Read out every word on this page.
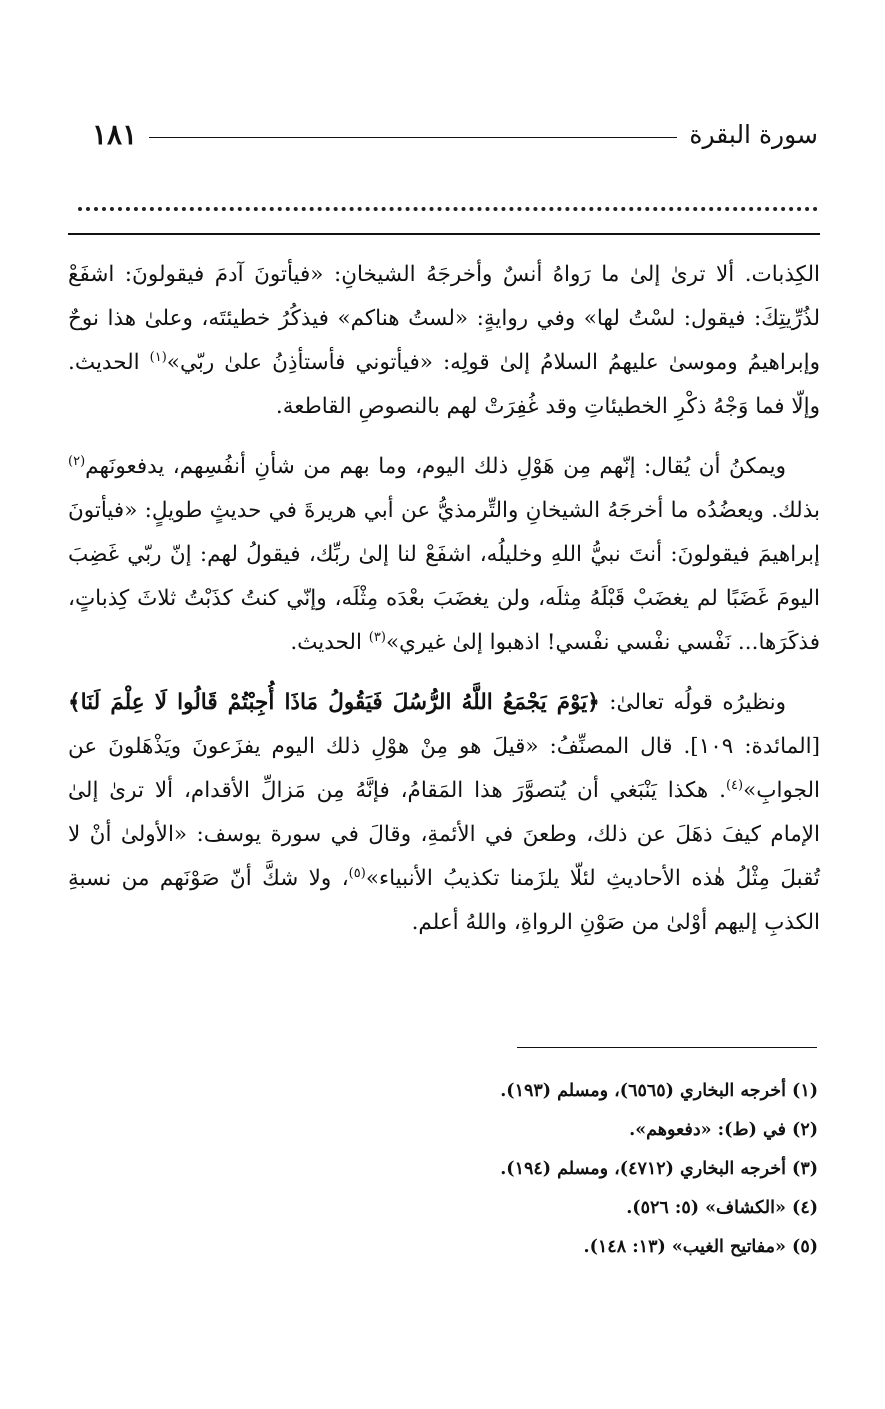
سورة البقرة
١٨١

الكِذبات. ألا ترىٰ إلىٰ ما رَواهُ أنسٌ وأخرجَهُ الشيخانِ: «فيأتونَ آدمَ فيقولونَ: اشفَعْ لذُرِّيتِكَ: فيقول: لسْتُ لها» وفي روايةٍ: «لستُ هناكم» فيذكُرُ خطيئتَه، وعلىٰ هذا نوحٌ وإبراهيمُ وموسىٰ عليهمُ السلامُ إلىٰ قولِه: «فيأتوني فأستأذِنُ علىٰ ربّي»$^{(١)}$ الحديث. وإلّا فما وَجْهُ ذكْرِ الخطيئاتِ وقد غُفِرَتْ لهم بالنصوصِ القاطعة.

ويمكنُ أن يُقال: إنّهم مِن هَوْلِ ذلك اليوم، وما بهم من شأنِ أنفُسِهم، يدفعونَهم$^{(٢)}$ بذلك. ويعضُدُه ما أخرجَهُ الشيخانِ والتِّرمذيُّ عن أبي هريرةَ في حديثٍ طويلٍ: «فيأتونَ إبراهيمَ فيقولونَ: أنتَ نبيُّ اللهِ وخليلُه، اشفَعْ لنا إلىٰ ربِّك، فيقولُ لهم: إنّ ربّي غَضِبَ اليومَ غَضَبًا لم يغضَبْ قَبْلَهُ مِثلَه، ولن يغضَبَ بعْدَه مِثْلَه، وإنّي كنتُ كذَبْتُ ثلاثَ كِذباتٍ، فذكَرَها... نَفْسي نفْسي نفْسي! اذهبوا إلىٰ غيري»$^{(٣)}$ الحديث.

ونظيرُه قولُه تعالىٰ: ﴿يَوْمَ يَجْمَعُ اللَّهُ الرُّسُلَ فَيَقُولُ مَاذَا أُجِبْتُمْ قَالُوا لَا عِلْمَ لَنَا﴾ [المائدة: ١٠٩]. قال المصنِّفُ: «قيلَ هو مِنْ هوْلِ ذلك اليوم يفزَعونَ ويَذْهَلونَ عن الجوابِ»$^{(٤)}$. هكذا يَنْبَغي أن يُتصوَّرَ هذا المَقامُ، فإنَّهُ مِن مَزالِّ الأقدام، ألا ترىٰ إلىٰ الإمام كيفَ ذهَلَ عن ذلك، وطعنَ في الأئمةِ، وقالَ في سورة يوسف: «الأولىٰ أنْ لا تُقبلَ مِثْلُ هٰذه الأحاديثِ لئلّا يلزَمنا تكذيبُ الأنبياء»$^{(٥)}$، ولا شكَّ أنّ صَوْنَهم من نسبةِ الكذبِ إليهم أوْلىٰ من صَوْنِ الرواةِ، واللهُ أعلم.

(١) أخرجه البخاري (٦٥٦٥)، ومسلم (١٩٣).
(٢) في (ط): «دفعوهم».
(٣) أخرجه البخاري (٤٧١٢)، ومسلم (١٩٤).
(٤) «الكشاف» (٥: ٥٢٦).
(٥) «مفاتيح الغيب» (١٣: ١٤٨).
